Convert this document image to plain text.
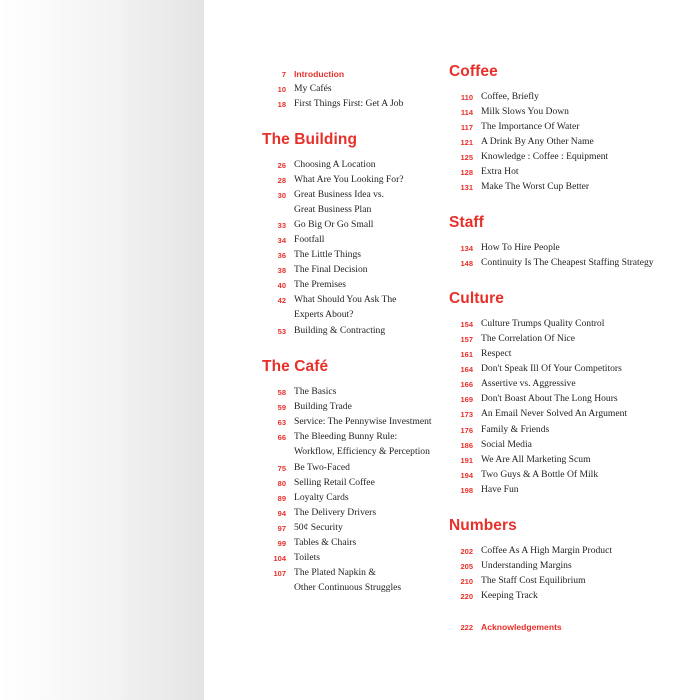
7 Introduction
10 My Cafés
18 First Things First: Get A Job
The Building
26 Choosing A Location
28 What Are You Looking For?
30 Great Business Idea vs.
Great Business Plan
33 Go Big Or Go Small
34 Footfall
36 The Little Things
38 The Final Decision
40 The Premises
42 What Should You Ask The
Experts About?
53 Building & Contracting
The Café
58 The Basics
59 Building Trade
63 Service: The Pennywise Investment
66 The Bleeding Bunny Rule:
Workflow, Efficiency & Perception
75 Be Two-Faced
80 Selling Retail Coffee
89 Loyalty Cards
94 The Delivery Drivers
97 50¢ Security
99 Tables & Chairs
104 Toilets
107 The Plated Napkin &
Other Continuous Struggles
Coffee
110 Coffee, Briefly
114 Milk Slows You Down
117 The Importance Of Water
121 A Drink By Any Other Name
125 Knowledge : Coffee : Equipment
128 Extra Hot
131 Make The Worst Cup Better
Staff
134 How To Hire People
148 Continuity Is The Cheapest Staffing Strategy
Culture
154 Culture Trumps Quality Control
157 The Correlation Of Nice
161 Respect
164 Don't Speak Ill Of Your Competitors
166 Assertive vs. Aggressive
169 Don't Boast About The Long Hours
173 An Email Never Solved An Argument
176 Family & Friends
186 Social Media
191 We Are All Marketing Scum
194 Two Guys & A Bottle Of Milk
198 Have Fun
Numbers
202 Coffee As A High Margin Product
205 Understanding Margins
210 The Staff Cost Equilibrium
220 Keeping Track
222 Acknowledgements
